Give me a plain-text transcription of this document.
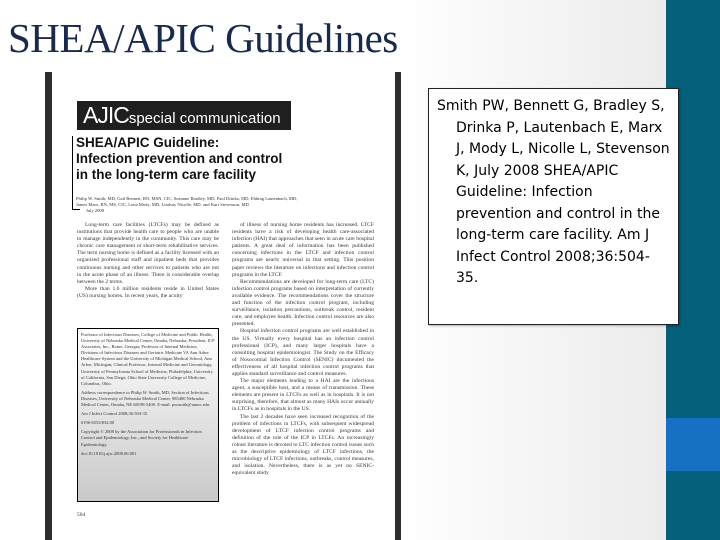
SHEA/APIC Guidelines
AJICspecial communication
SHEA/APIC Guideline:
Infection prevention and control
in the long-term care facility
Philip W. Smith, MD, Gail Bennett, RN, MSN, CIC, Suzanne Bradley, MD, Paul Drinka, MD, Ebbing Lautenbach, MD, James Marx, RN, MS, CIC, Lona Mody, MD, Lindsay Nicolle, MD, and Kurt Stevenson, MD
July 2008

Long-term care facilities (LTCFs) may be defined as institutions that provide health care to people who are unable to manage independently in the community. This care may be chronic care management or short-term rehabilitative services. The term nursing home is defined as a facility licensed with an organized professional staff and inpatient beds that provides continuous nursing and other services to patients who are not in the acute phase of an illness. There is considerable overlap between the 2 terms.

More than 1.6 million residents reside in United States (US) nursing homes. In recent years, the acuity

of illness of nursing home residents has increased. LTCF residents have a risk of developing health care-associated infection (HAI) that approaches that seen in acute care hospital patients. A great deal of information has been published concerning infections in the LTCF and infection control programs are nearly universal in that setting. This position paper reviews the literature on infections and infection control programs in the LTCF.

Recommendations are developed for long-term care (LTC) infection control programs based on interpretation of currently available evidence. The recommendations cover the structure and function of the infection control program, including surveillance, isolation precautions, outbreak control, resident care, and employee health. Infection control resources are also presented.

Hospital infection control programs are well established in the US. Virtually every hospital has an infection control professional (ICP), and many larger hospitals have a consulting hospital epidemiologist. The Study on the Efficacy of Nosocomial Infection Control (SENIC) documented the effectiveness of all hospital infection control programs that applies standard surveillance and control measures.

The major elements leading to a HAI are the infectious agent, a susceptible host, and a means of transmission. These elements are present in LTCFs as well as in hospitals. It is not surprising, therefore, that almost as many HAIs occur annually in LTCFs as in hospitals in the US.

The last 2 decades have seen increased recognition of the problem of infections in LTCFs, with subsequent widespread development of LTCF infection control programs and definition of the role of the ICP in LTCFs. An increasingly robust literature is devoted to LTC infection control issues such as the descriptive epidemiology of LTCF infections, the microbiology of LTCF infections, outbreaks, control measures, and isolation. Nevertheless, there is as yet no SENIC-equivalent study

Professor of Infectious Diseases, College of Medicine and Public Health, University of Nebraska Medical Center, Omaha, Nebraska; President, ICP Associates, Inc., Rome, Georgia; Professor of Internal Medicine, Divisions of Infectious Diseases and Geriatric Medicine VA Ann Arbor Healthcare System and the University of Michigan Medical School, Ann Arbor, Michigan; Clinical Professor, Internal Medicine and Gerontology, University of Pennsylvania School of Medicine, Philadelphia; University of California, San Diego; Ohio State University College of Medicine, Columbus, Ohio.

Address correspondence to Philip W. Smith, MD, Section of Infectious Diseases, University of Nebraska Medical Center, 985400 Nebraska Medical Center, Omaha, NE 68198-5400. E-mail: pwsmith@unmc.edu.

Am J Infect Control 2008;36:504-35.

0196-6553/$34.00

Copyright © 2008 by the Association for Professionals in Infection Control and Epidemiology, Inc., and Society for Healthcare Epidemiology.

doi:10.1016/j.ajic.2008.06.001

504
Smith PW, Bennett G, Bradley S, Drinka P, Lautenbach E, Marx J, Mody L, Nicolle L, Stevenson K, July 2008 SHEA/APIC Guideline: Infection prevention and control in the long-term care facility. Am J Infect Control 2008;36:504-35.
